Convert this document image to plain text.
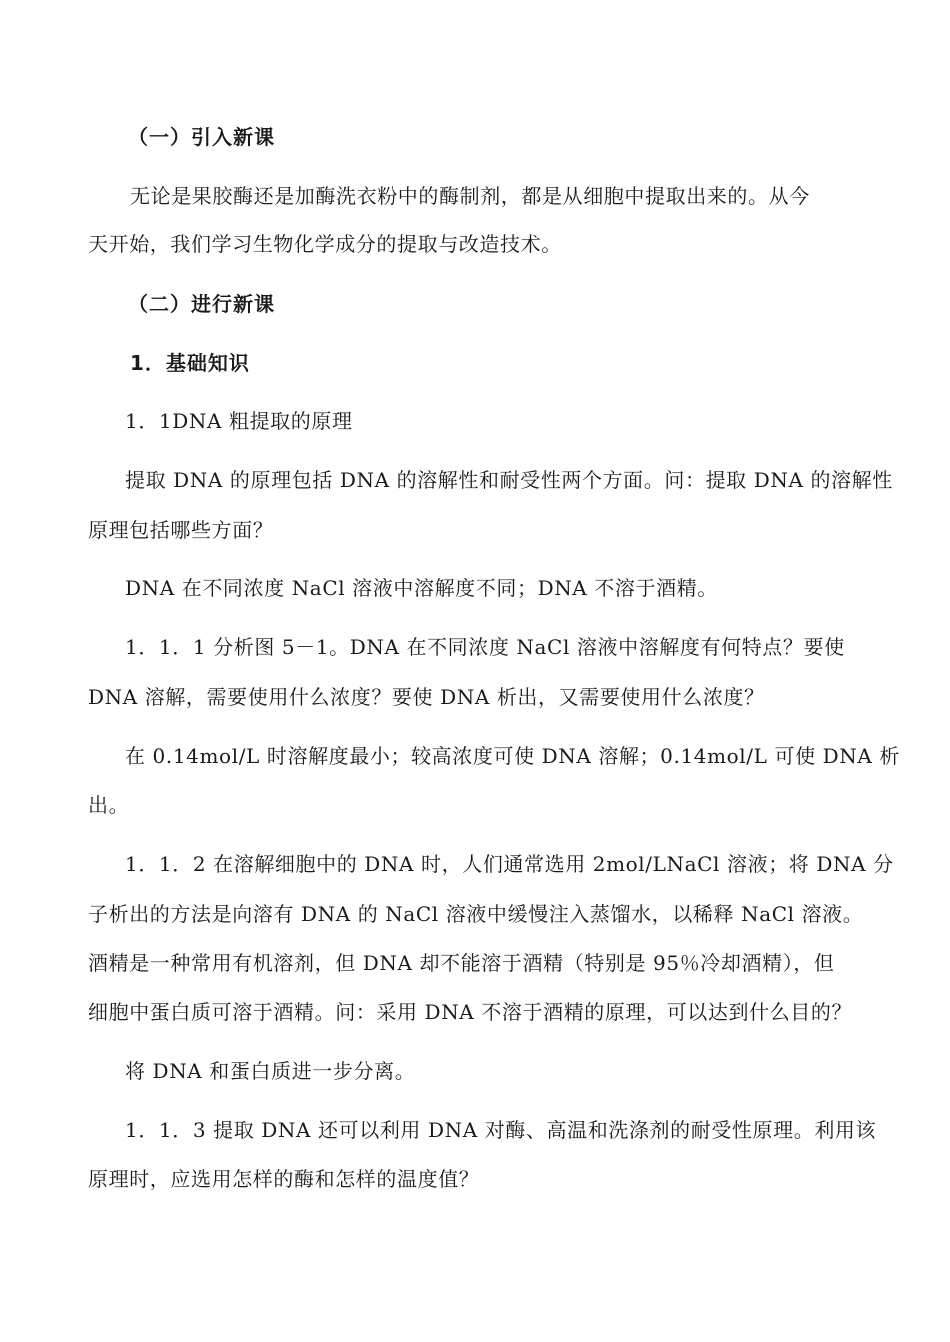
（一）引入新课
无论是果胶酶还是加酶洗衣粉中的酶制剂，都是从细胞中提取出来的。从今
天开始，我们学习生物化学成分的提取与改造技术。
（二）进行新课
1．基础知识
1．1DNA 粗提取的原理
提取 DNA 的原理包括 DNA 的溶解性和耐受性两个方面。问：提取 DNA 的溶解性
原理包括哪些方面？
DNA 在不同浓度 NaCl 溶液中溶解度不同；DNA 不溶于酒精。
1．1．1 分析图 5－1。DNA 在不同浓度 NaCl 溶液中溶解度有何特点？要使
DNA 溶解，需要使用什么浓度？要使 DNA 析出，又需要使用什么浓度？
在 0.14mol/L 时溶解度最小；较高浓度可使 DNA 溶解；0.14mol/L 可使 DNA 析
出。
1．1．2 在溶解细胞中的 DNA 时，人们通常选用 2mol/LNaCl 溶液；将 DNA 分
子析出的方法是向溶有 DNA 的 NaCl 溶液中缓慢注入蒸馏水，以稀释 NaCl 溶液。
酒精是一种常用有机溶剂，但 DNA 却不能溶于酒精（特别是 95％冷却酒精），但
细胞中蛋白质可溶于酒精。问：采用 DNA 不溶于酒精的原理，可以达到什么目的？
将 DNA 和蛋白质进一步分离。
1．1．3 提取 DNA 还可以利用 DNA 对酶、高温和洗涤剂的耐受性原理。利用该
原理时，应选用怎样的酶和怎样的温度值？
